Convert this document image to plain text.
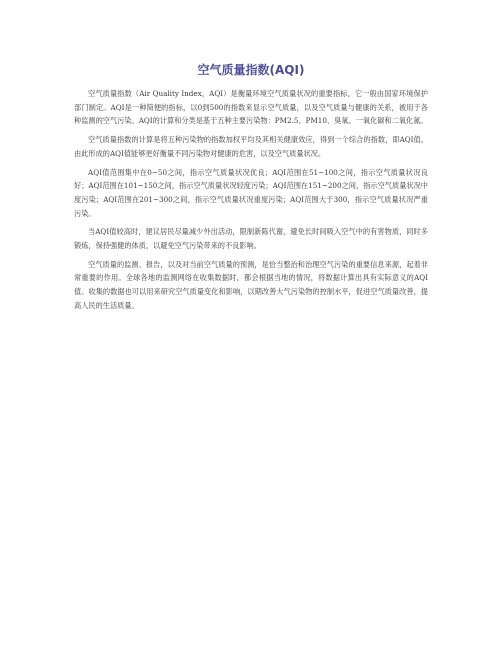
空气质量指数(AQI)

空气质量指数（Air Quality Index，AQI）是衡量环境空气质量状况的重要指标，它一般由国家环境保护部门制定。AQI是一种简便的指标，以0到500的指数来显示空气质量，以及空气质量与健康的关系，被用于各种监测的空气污染。AQI的计算和分类是基于五种主要污染物：PM2.5、PM10、臭氧、一氧化碳和二氧化氮。

空气质量指数的计算是将五种污染物的指数加权平均及其相关健康效应，得到一个综合的指数，即AQI值。由此形成的AQI值能够更好衡量不同污染物对健康的危害，以及空气质量状况。

AQI值范围集中在0~50之间，指示空气质量状况优良；AQI范围在51~100之间，指示空气质量状况良好；AQI范围在101~150之间，指示空气质量状况轻度污染；AQI范围在151~200之间，指示空气质量状况中度污染；AQI范围在201~300之间，指示空气质量状况重度污染；AQI范围大于300，指示空气质量状况严重污染。

当AQI值较高时，建议居民尽量减少外出活动，限制新陈代谢，避免长时间吸入空气中的有害物质，同时多锻炼，保持强健的体质，以避免空气污染带来的不良影响。

空气质量的监测、报告，以及对当前空气质量的预测，是恰当整治和治理空气污染的重要信息来源，起着非常重要的作用。全球各地的监测网络在收集数据时，都会根据当地的情况，将数据计算出具有实际意义的AQI值。收集的数据也可以用来研究空气质量变化和影响，以期改善大气污染物的控制水平，促进空气质量改善，提高人民的生活质量。
